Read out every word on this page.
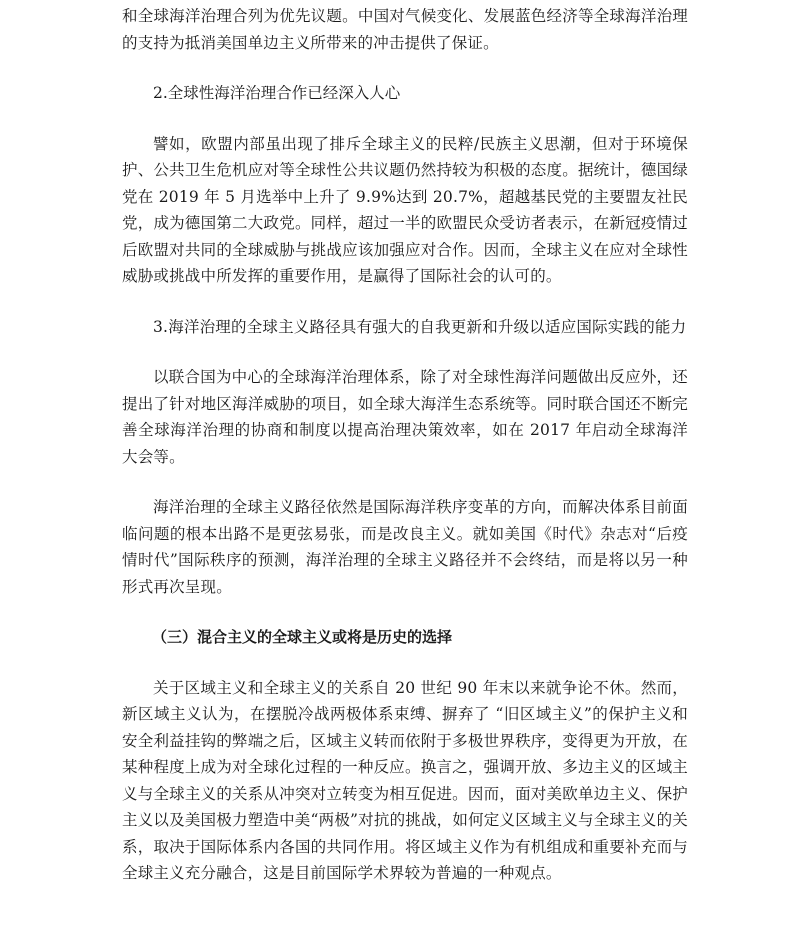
和全球海洋治理合列为优先议题。中国对气候变化、发展蓝色经济等全球海洋治理的支持为抵消美国单边主义所带来的冲击提供了保证。

2.全球性海洋治理合作已经深入人心

譬如，欧盟内部虽出现了排斥全球主义的民粹/民族主义思潮，但对于环境保护、公共卫生危机应对等全球性公共议题仍然持较为积极的态度。据统计，德国绿党在 2019 年 5 月选举中上升了 9.9%达到 20.7%，超越基民党的主要盟友社民党，成为德国第二大政党。同样，超过一半的欧盟民众受访者表示，在新冠疫情过后欧盟对共同的全球威胁与挑战应该加强应对合作。因而，全球主义在应对全球性威胁或挑战中所发挥的重要作用，是赢得了国际社会的认可的。

3.海洋治理的全球主义路径具有强大的自我更新和升级以适应国际实践的能力

以联合国为中心的全球海洋治理体系，除了对全球性海洋问题做出反应外，还提出了针对地区海洋威胁的项目，如全球大海洋生态系统等。同时联合国还不断完善全球海洋治理的协商和制度以提高治理决策效率，如在 2017 年启动全球海洋大会等。

海洋治理的全球主义路径依然是国际海洋秩序变革的方向，而解决体系目前面临问题的根本出路不是更弦易张，而是改良主义。就如美国《时代》杂志对“后疫情时代”国际秩序的预测，海洋治理的全球主义路径并不会终结，而是将以另一种形式再次呈现。

（三）混合主义的全球主义或将是历史的选择

关于区域主义和全球主义的关系自 20 世纪 90 年末以来就争论不休。然而，新区域主义认为，在摆脱冷战两极体系束缚、摒弃了 “旧区域主义”的保护主义和安全利益挂钩的弊端之后，区域主义转而依附于多极世界秩序，变得更为开放，在某种程度上成为对全球化过程的一种反应。换言之，强调开放、多边主义的区域主义与全球主义的关系从冲突对立转变为相互促进。因而，面对美欧单边主义、保护主义以及美国极力塑造中美“两极”对抗的挑战，如何定义区域主义与全球主义的关系，取决于国际体系内各国的共同作用。将区域主义作为有机组成和重要补充而与全球主义充分融合，这是目前国际学术界较为普遍的一种观点。
